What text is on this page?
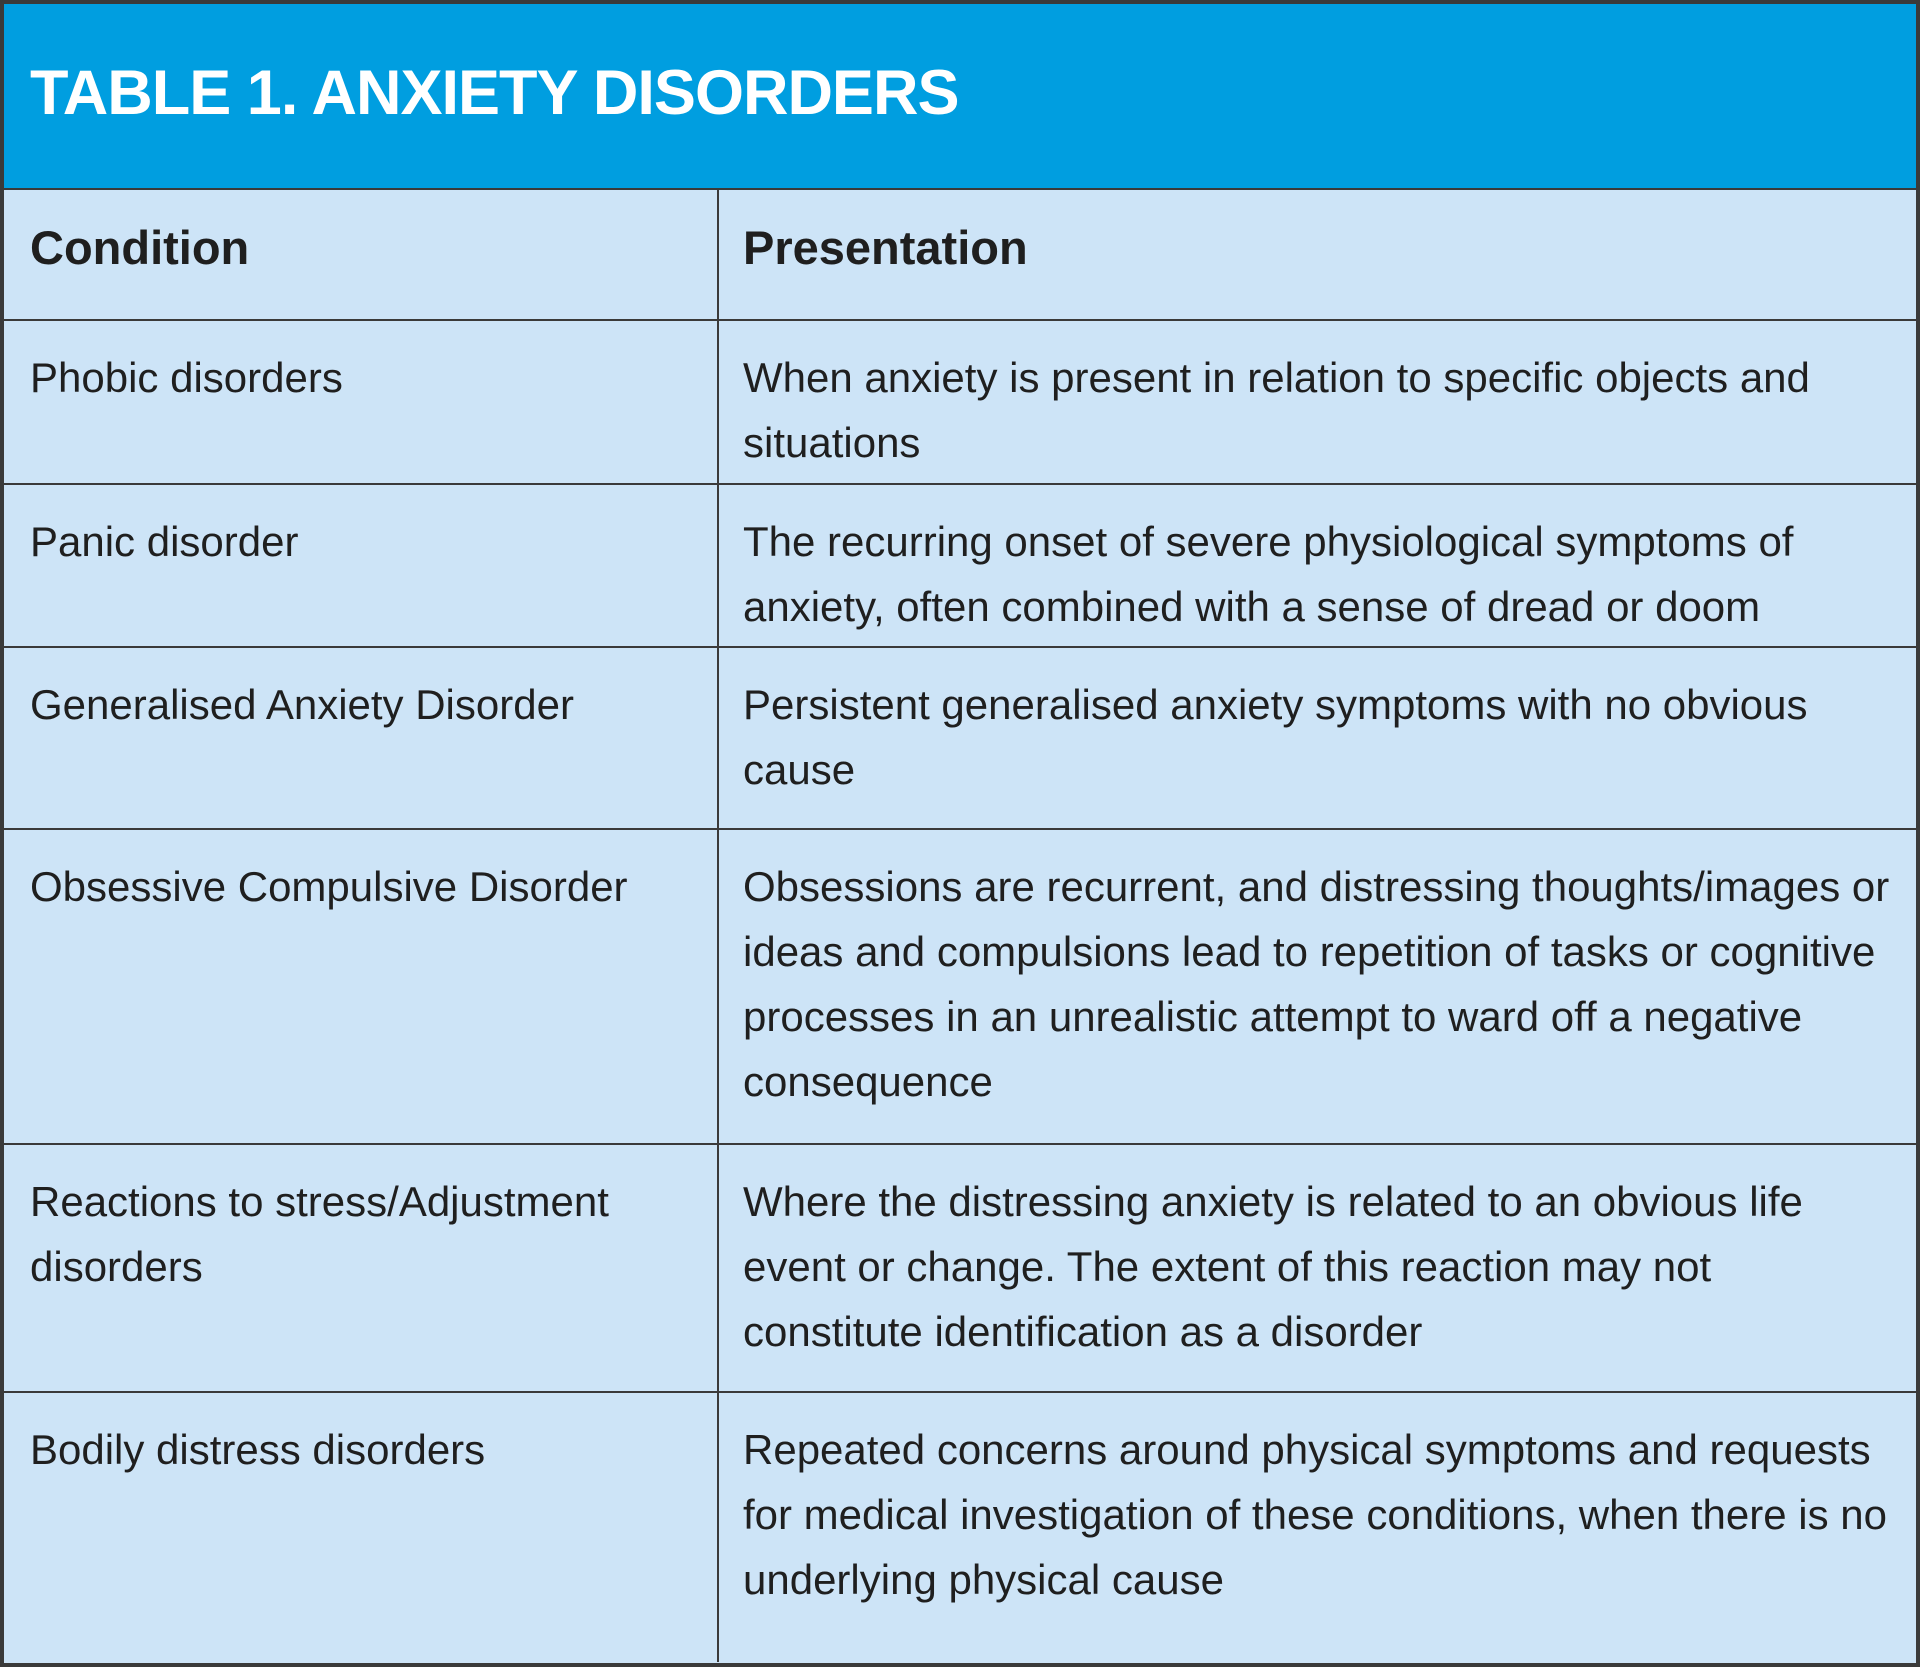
TABLE 1. ANXIETY DISORDERS
Condition	Presentation
Phobic disorders	When anxiety is present in relation to specific objects and situations
Panic disorder	The recurring onset of severe physiological symptoms of anxiety, often combined with a sense of dread or doom
Generalised Anxiety Disorder	Persistent generalised anxiety symptoms with no obvious cause
Obsessive Compulsive Disorder	Obsessions are recurrent, and distressing thoughts/images or ideas and compulsions lead to repetition of tasks or cognitive processes in an unrealistic attempt to ward off a negative consequence
Reactions to stress/Adjustment disorders	Where the distressing anxiety is related to an obvious life event or change. The extent of this reaction may not constitute identification as a disorder
Bodily distress disorders	Repeated concerns around physical symptoms and requests for medical investigation of these conditions, when there is no underlying physical cause
